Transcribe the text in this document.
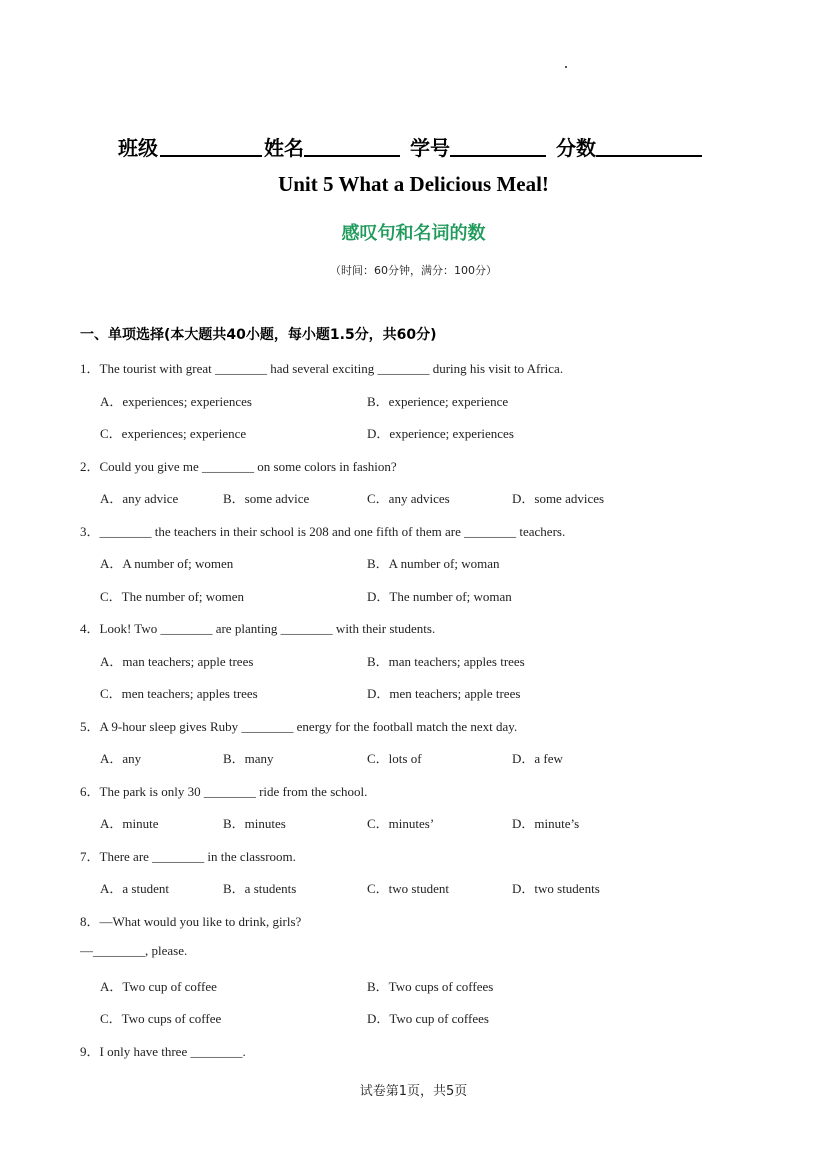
班级	姓名	学号	分数
Unit 5 What a Delicious Meal!
感叹句和名词的数
（时间：60分钟，满分：100分）
一、单项选择(本大题共40小题，每小题1.5分，共60分)
1．The tourist with great ________ had several exciting ________ during his visit to Africa.
A．experiences; experiences	B．experience; experience
C．experiences; experience	D．experience; experiences
2．Could you give me ________ on some colors in fashion?
A．any advice	B．some advice	C．any advices	D．some advices
3．________ the teachers in their school is 208 and one fifth of them are ________ teachers.
A．A number of; women	B．A number of; woman
C．The number of; women	D．The number of; woman
4．Look! Two ________ are planting ________ with their students.
A．man teachers; apple trees	B．man teachers; apples trees
C．men teachers; apples trees	D．men teachers; apple trees
5．A 9-hour sleep gives Ruby ________ energy for the football match the next day.
A．any	B．many	C．lots of	D．a few
6．The park is only 30 ________ ride from the school.
A．minute	B．minutes	C．minutes’	D．minute’s
7．There are ________ in the classroom.
A．a student	B．a students	C．two student	D．two students
8．—What would you like to drink, girls?
—________, please.
A．Two cup of coffee	B．Two cups of coffees
C．Two cups of coffee	D．Two cup of coffees
9．I only have three ________.
试卷第1页，共5页
